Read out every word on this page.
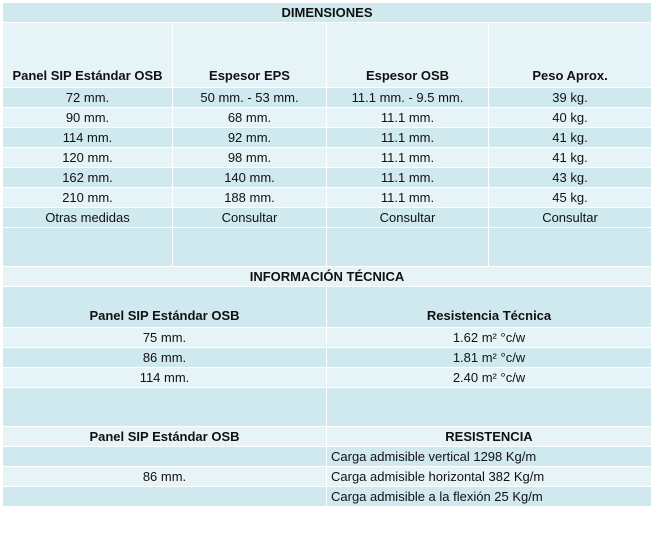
DIMENSIONES			
Panel SIP Estándar OSB	Espesor EPS	Espesor OSB	Peso Aprox.
72 mm.	50 mm. - 53 mm.	11.1 mm. - 9.5 mm.	39 kg.
90 mm.	68 mm.	11.1 mm.	40 kg.
114 mm.	92 mm.	11.1 mm.	41 kg.
120 mm.	98 mm.	11.1 mm.	41 kg.
162 mm.	140 mm.	11.1 mm.	43 kg.
210 mm.	188 mm.	11.1 mm.	45 kg.
Otras medidas	Consultar	Consultar	Consultar

INFORMACIÓN TÉCNICA			
Panel SIP Estándar OSB		Resistencia Técnica	
75 mm.		1.62 m² °c/w	
86 mm.		1.81 m² °c/w	
114 mm.		2.40 m² °c/w	

Panel SIP Estándar OSB		RESISTENCIA	
		Carga admisible vertical 1298 Kg/m	
86 mm.		Carga admisible horizontal 382 Kg/m	
		Carga admisible a la flexión 25 Kg/m	
